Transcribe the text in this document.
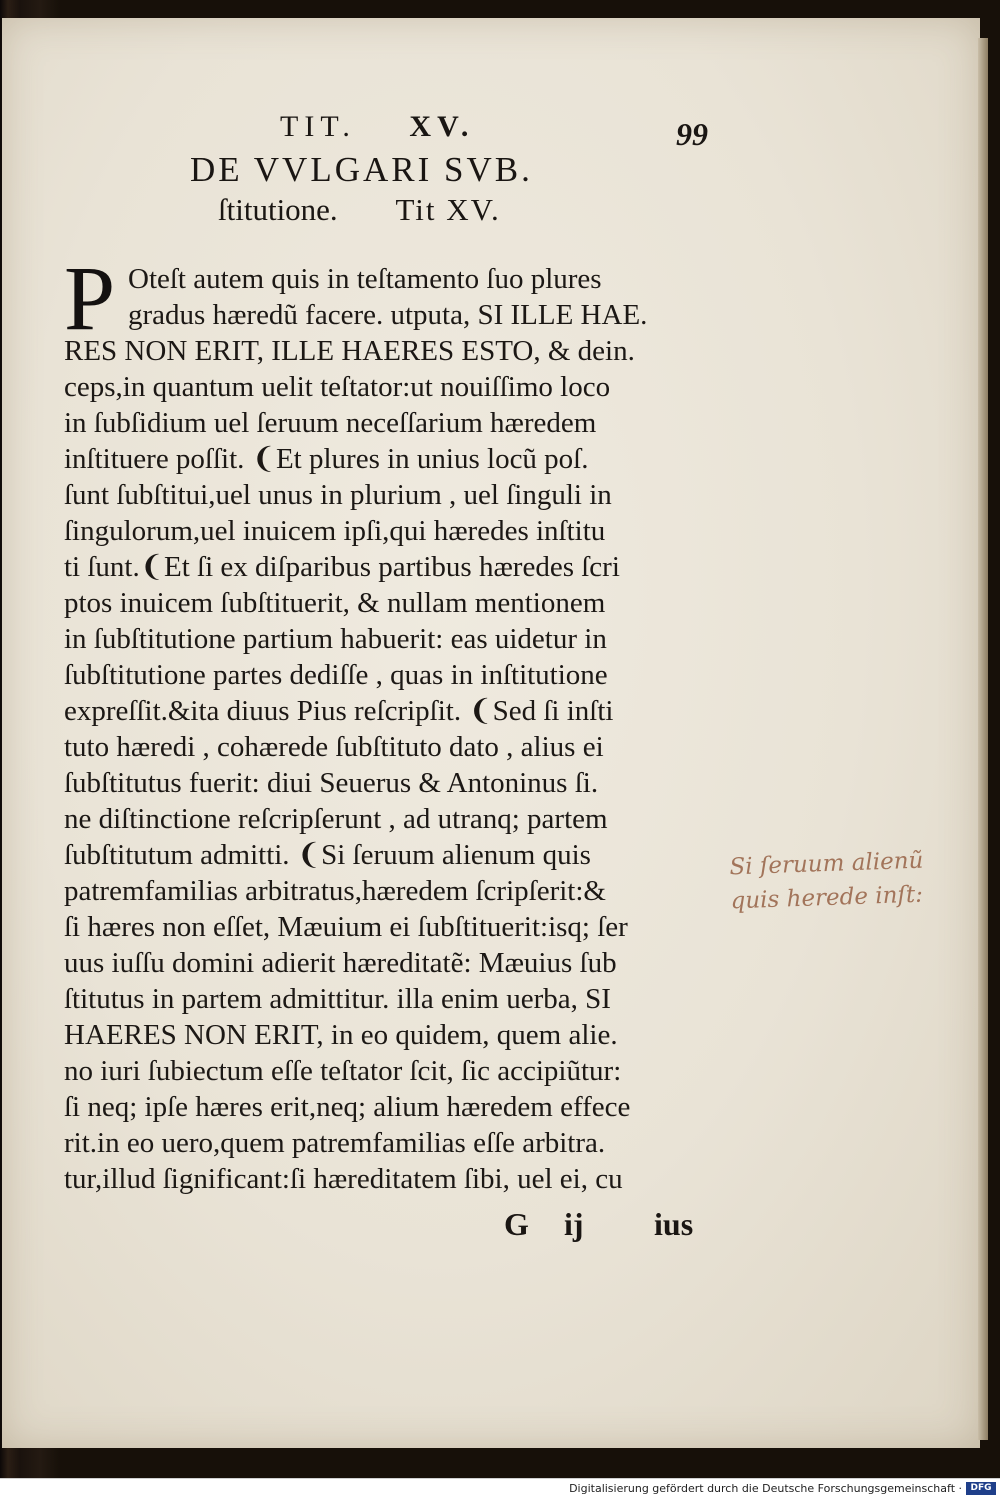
TIT. XV.	99
DE VVLGARI SVB.
ſtitutione. Tit XV.
P Oteſt autem quis in teſtamento ſuo plures
gradus hæredũ facere. utputa, SI ILLE HAE.
RES NON ERIT, ILLE HAERES ESTO, & dein.
ceps,in quantum uelit teſtator:ut nouiſſimo loco
in ſubſidium uel ſeruum neceſſarium hæredem
inſtituere poſſit. ❨Et plures in unius locũ poſ.
ſunt ſubſtitui,uel unus in plurium , uel ſinguli in
ſingulorum,uel inuicem ipſi,qui hæredes inſtitu
ti ſunt.❨Et ſi ex diſparibus partibus hæredes ſcri
ptos inuicem ſubſtituerit, & nullam mentionem
in ſubſtitutione partium habuerit: eas uidetur in
ſubſtitutione partes dediſſe , quas in inſtitutione
expreſſit.&ita diuus Pius reſcripſit. ❨Sed ſi inſti
tuto hæredi , cohærede ſubſtituto dato , alius ei
ſubſtitutus fuerit: diui Seuerus & Antoninus ſi.
ne diſtinctione reſcripſerunt , ad utranq; partem
ſubſtitutum admitti. ❨Si ſeruum alienum quis
patremfamilias arbitratus,hæredem ſcripſerit:&
ſi hæres non eſſet, Mæuium ei ſubſtituerit:isq; ſer
uus iuſſu domini adierit hæreditatẽ: Mæuius ſub
ſtitutus in partem admittitur. illa enim uerba, SI
HAERES NON ERIT, in eo quidem, quem alie.
no iuri ſubiectum eſſe teſtator ſcit, ſic accipiũtur:
ſi neq; ipſe hæres erit,neq; alium hæredem effece
rit.in eo uero,quem patremfamilias eſſe arbitra.
tur,illud ſignificant:ſi hæreditatem ſibi, uel ei, cu
G ij ius
Si ſeruum alienũ
quis herede inſt:
Digitalisierung gefördert durch die Deutsche Forschungsgemeinschaft · DFG
